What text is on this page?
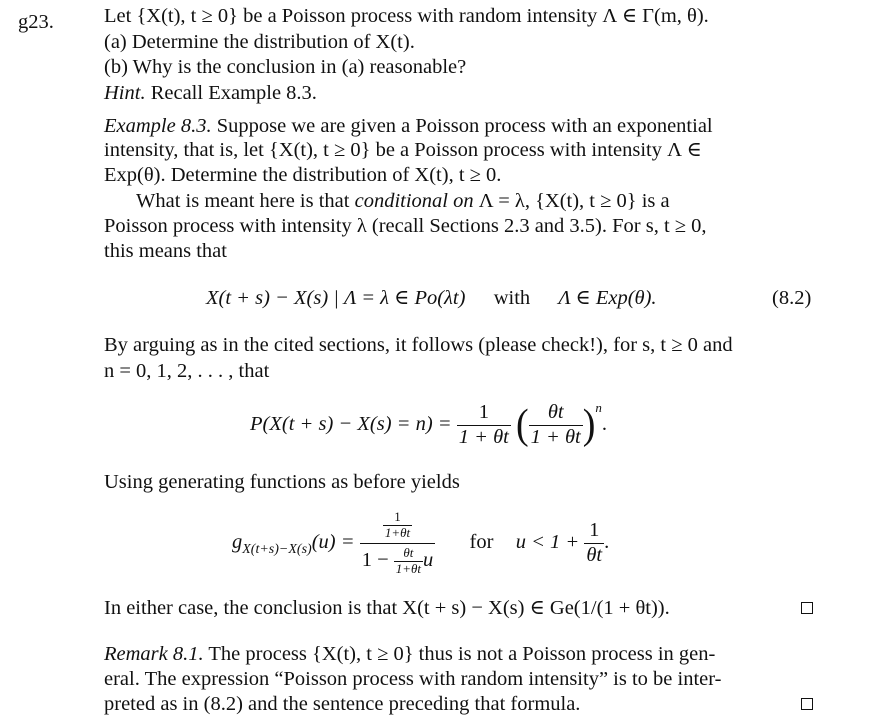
g23. Let {X(t), t ≥ 0} be a Poisson process with random intensity Λ ∈ Γ(m, θ).
(a) Determine the distribution of X(t).
(b) Why is the conclusion in (a) reasonable?
Hint. Recall Example 8.3.
Example 8.3. Suppose we are given a Poisson process with an exponential
intensity, that is, let {X(t), t ≥ 0} be a Poisson process with intensity Λ ∈
Exp(θ). Determine the distribution of X(t), t ≥ 0.
What is meant here is that conditional on Λ = λ, {X(t), t ≥ 0} is a
Poisson process with intensity λ (recall Sections 2.3 and 3.5). For s, t ≥ 0,
this means that
X(t + s) − X(s) | Λ = λ ∈ Po(λt) with Λ ∈ Exp(θ).	(8.2)
By arguing as in the cited sections, it follows (please check!), for s, t ≥ 0 and
n = 0, 1, 2, . . . , that
$P(X(t + s) - X(s) = n) = \frac{1}{1 + \theta t}$ ( $\frac{\theta t}{1 + \theta t} )^n$.
Using generating functions as before yields
$g_{X(t+s)-X(s)}(u) = \frac{\frac{1}{1+\theta t}}{1 - \frac{\theta t}{1+\theta t} u}$ for $u < 1 + \frac{1}{\theta t}$ .
In either case, the conclusion is that X(t + s) − X(s) ∈ Ge(1/(1 + θt)).
Remark 8.1. The process {X(t), t ≥ 0} thus is not a Poisson process in gen-
eral. The expression “Poisson process with random intensity” is to be inter-
preted as in (8.2) and the sentence preceding that formula.
